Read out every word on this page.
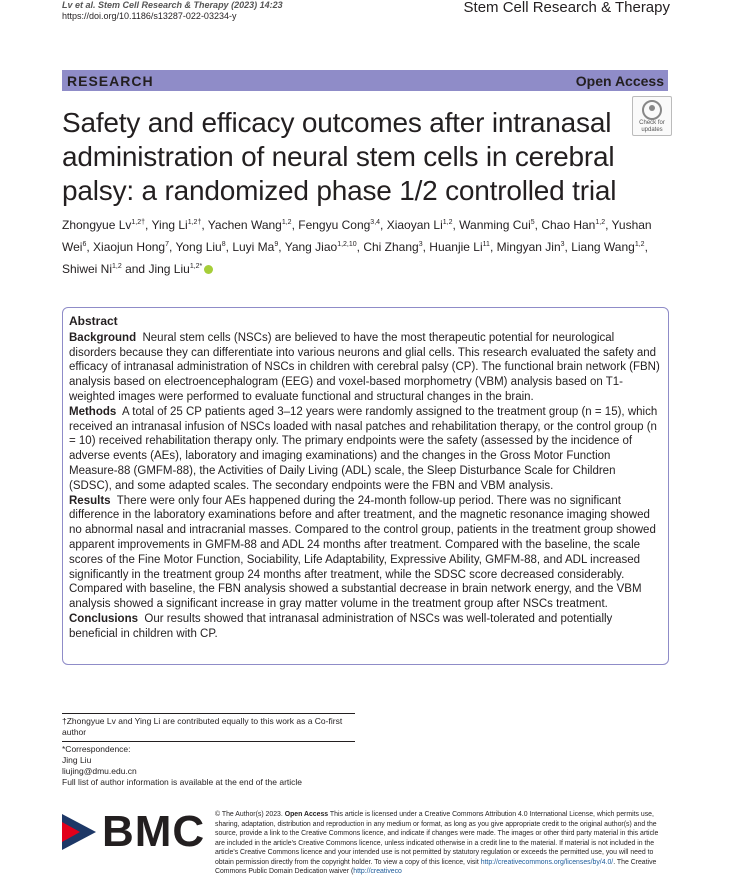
Lv et al. Stem Cell Research & Therapy (2023) 14:23
https://doi.org/10.1186/s13287-022-03234-y	Stem Cell Research & Therapy
RESEARCH	Open Access
Safety and efficacy outcomes after intranasal administration of neural stem cells in cerebral palsy: a randomized phase 1/2 controlled trial
Check for
updates
Zhongyue $Lv^{1,2\dagger}$, Ying $Li^{1,2\dagger}$, Yachen Wang$^{1,2}$, Fengyu Cong$^{3,4}$, Xiaoyan Li$^{1,2}$, Wanming Cui$^5$, Chao Han$^{1,2}$, Yushan Wei$^6$, Xiaojun Hong$^7$, Yong Liu$^8$, Luyi Ma$^9$, Yang Jiao$^{1,2,10}$, Chi Zhang$^3$, Huanjie Li$^{11}$, Mingyan Jin$^3$, Liang Wang$^{1,2}$, Shiwei Ni$^{1,2}$ and Jing Liu$^{1,2*}$
Abstract

Background Neural stem cells (NSCs) are believed to have the most therapeutic potential for neurological disorders because they can differentiate into various neurons and glial cells. This research evaluated the safety and efficacy of intranasal administration of NSCs in children with cerebral palsy (CP). The functional brain network (FBN) analysis based on electroencephalogram (EEG) and voxel-based morphometry (VBM) analysis based on T1-weighted images were performed to evaluate functional and structural changes in the brain.

Methods A total of 25 CP patients aged 3–12 years were randomly assigned to the treatment group (n = 15), which received an intranasal infusion of NSCs loaded with nasal patches and rehabilitation therapy, or the control group (n = 10) received rehabilitation therapy only. The primary endpoints were the safety (assessed by the incidence of adverse events (AEs), laboratory and imaging examinations) and the changes in the Gross Motor Function Measure-88 (GMFM-88), the Activities of Daily Living (ADL) scale, the Sleep Disturbance Scale for Children (SDSC), and some adapted scales. The secondary endpoints were the FBN and VBM analysis.

Results There were only four AEs happened during the 24-month follow-up period. There was no significant difference in the laboratory examinations before and after treatment, and the magnetic resonance imaging showed no abnormal nasal and intracranial masses. Compared to the control group, patients in the treatment group showed apparent improvements in GMFM-88 and ADL 24 months after treatment. Compared with the baseline, the scale scores of the Fine Motor Function, Sociability, Life Adaptability, Expressive Ability, GMFM-88, and ADL increased significantly in the treatment group 24 months after treatment, while the SDSC score decreased considerably. Compared with baseline, the FBN analysis showed a substantial decrease in brain network energy, and the VBM analysis showed a significant increase in gray matter volume in the treatment group after NSCs treatment.

Conclusions Our results showed that intranasal administration of NSCs was well-tolerated and potentially beneficial in children with CP.

†Zhongyue Lv and Ying Li are contributed equally to this work as a Co-first author
*Correspondence:
Jing Liu
liujing@dmu.edu.cn
Full list of author information is available at the end of the article
BMC © The Author(s) 2023. Open Access This article is licensed under a Creative Commons Attribution 4.0 International License, which permits use, sharing, adaptation, distribution and reproduction in any medium or format, as long as you give appropriate credit to the original author(s) and the source, provide a link to the Creative Commons licence, and indicate if changes were made. The images or other third party material in this article are included in the article's Creative Commons licence, unless indicated otherwise in a credit line to the material. If material is not included in the article's Creative Commons licence and your intended use is not permitted by statutory regulation or exceeds the permitted use, you will need to obtain permission directly from the copyright holder. To view a copy of this licence, visit http://creativecommons.org/licenses/by/4.0/. The Creative Commons Public Domain Dedication waiver (http://creativeco
